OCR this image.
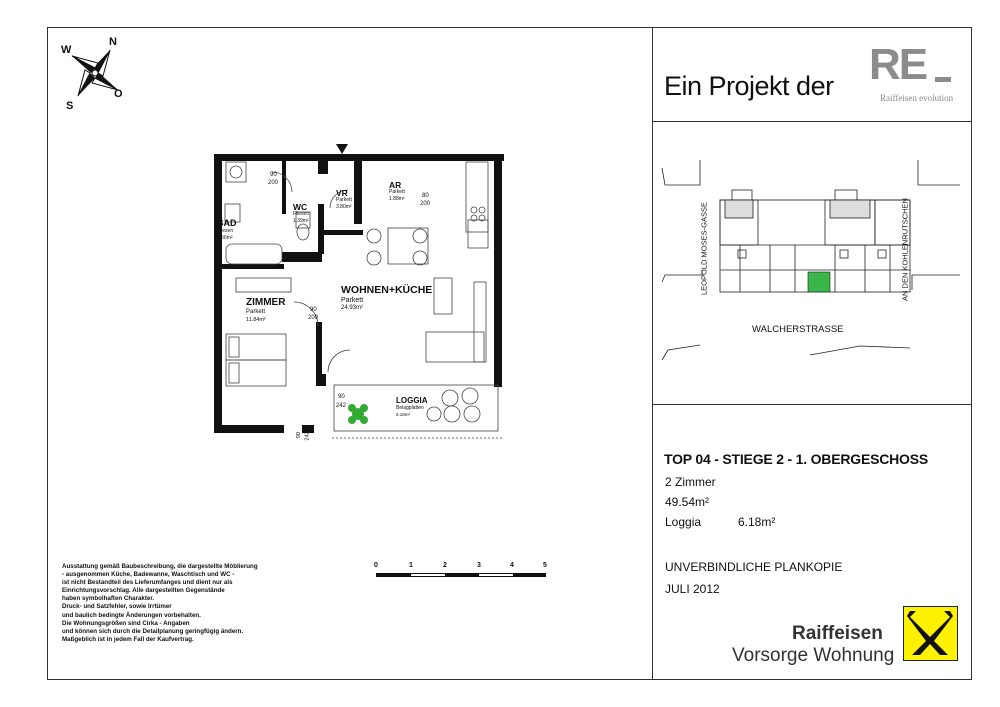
N
W
S
O	Ein Projekt der RE
Raiffeisen evolution
LEOPOLD MOSES-GASSE	AN DEN KOHLENRUTSCHEN
WALCHERSTRASSE
TOP 04 - STIEGE 2 - 1. OBERGESCHOSS
2 Zimmer
49.54m²
Loggia	6.18m²
UNVERBINDLICHE PLANKOPIE
JULI 2012
Raiffeisen
Vorsorge Wohnung
Ausstattung gemäß Baubeschreibung, die dargestellte Möblierung
- ausgenommen Küche, Badewanne, Waschtisch und WC -
ist nicht Bestandteil des Lieferumfanges und dient nur als
Einrichtungsvorschlag. Alle dargestellten Gegenstände
haben symbolhaften Charakter.
Druck- und Satzfehler, sowie Irrtümer
und baulich bedingte Änderungen vorbehalten.
Die Wohnungsgrößen sind Cirka - Angaben
und können sich durch die Detailplanung geringfügig ändern.
Maßgeblich ist in jedem Fall der Kaufvertrag.
0	1	2	3	4	5
BAD
Fliesen
5.56m²
WC
Fliesen
1.39m²
VR
Parkett
3.80m²
AR
Parkett
1.88m²
WOHNEN+KÜCHE
Parkett
24.93m²
ZIMMER
Parkett
11.84m²
LOGGIA
Belagplatten
6.18m²
90
200
80
200
90
200
90
242
90 242
